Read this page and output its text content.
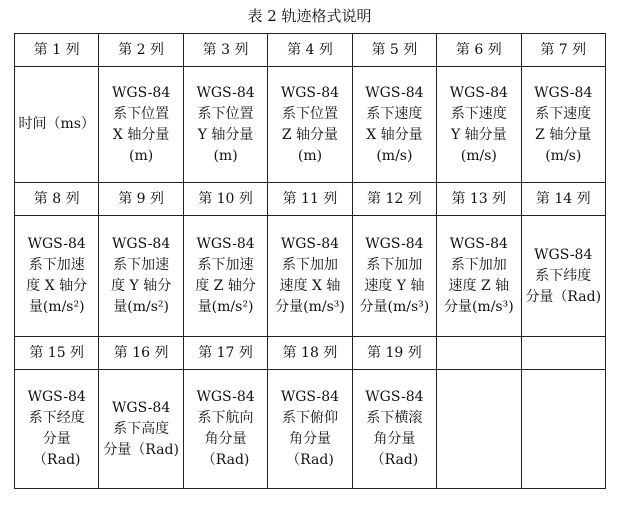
表 2 轨迹格式说明
第 1 列	第 2 列	第 3 列	第 4 列	第 5 列	第 6 列	第 7 列
时间（ms）	WGS-84
系下位置
X 轴分量
(m)	WGS-84
系下位置
Y 轴分量
(m)	WGS-84
系下位置
Z 轴分量
(m)	WGS-84
系下速度
X 轴分量
(m/s)	WGS-84
系下速度
Y 轴分量
(m/s)	WGS-84
系下速度
Z 轴分量
(m/s)
第 8 列	第 9 列	第 10 列	第 11 列	第 12 列	第 13 列	第 14 列
WGS-84
系下加速
度 X 轴分
量(m/s²)	WGS-84
系下加速
度 Y 轴分
量(m/s²)	WGS-84
系下加速
度 Z 轴分
量(m/s²)	WGS-84
系下加加
速度 X 轴
分量(m/s³)	WGS-84
系下加加
速度 Y 轴
分量(m/s³)	WGS-84
系下加加
速度 Z 轴
分量(m/s³)	WGS-84
系下纬度
分量（Rad)
第 15 列	第 16 列	第 17 列	第 18 列	第 19 列		
WGS-84
系下经度
分量
（Rad)	WGS-84
系下高度
分量（Rad)	WGS-84
系下航向
角分量
（Rad)	WGS-84
系下俯仰
角分量
（Rad)	WGS-84
系下横滚
角分量
（Rad)		
